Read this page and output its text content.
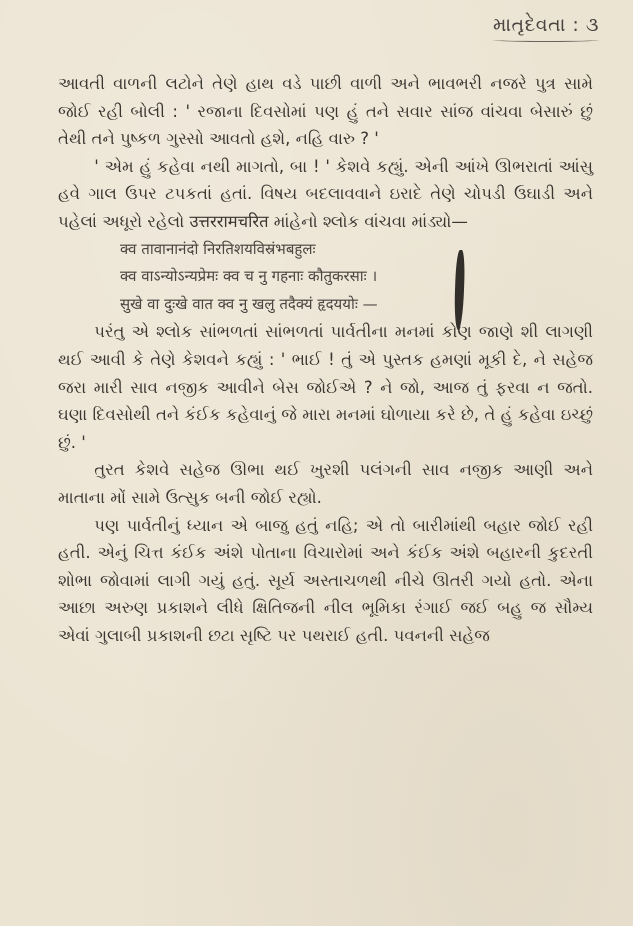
માતૃદેવતા : ૩

આવતી વાળની લટોને તેણે હાથ વડે પાછી વાળી અને ભાવભરી નજરે પુત્ર સામે જોઈ રહી બોલી : ' રજાના દિવસોમાં પણ હું તને સવાર સાંજ વાંચવા બેસારું છું તેથી તને પુષ્કળ ગુસ્સો આવતો હશે, નહિ વારુ ? '

' એમ હું કહેવા નથી માગતો, બા ! ' કેશવે કહ્યું. એની આંખે ઊભરાતાં આંસુ હવે ગાલ ઉપર ટપકતાં હતાં. વિષય બદલાવવાને ઇરાદે તેણે ચોપડી ઉઘાડી અને પહેલાં અધૂરો રહેલો उत्तररामचरित માંહેનો શ્લોક વાંચવા માંડ્યો—

क्व तावानानंदो निरतिशयविस्रंभबहुलः

क्व वाऽन्योऽन्यप्रेमः क्व च नु गहनाः कौतुकरसाः ।

सुखे वा दुःखे वात क्व नु खलु तदैक्यं हृदययोः —

પરંતુ એ શ્લોક સાંભળતાં સાંભળતાં પાર્વતીના મનમાં કોણ જાણે શી લાગણી થઈ આવી કે તેણે કેશવને કહ્યું : ' ભાઈ ! તું એ પુસ્તક હમણાં મૂકી દે, ને સહેજ જરા મારી સાવ નજીક આવીને બેસ જોઈએ ? ને જો, આજ તું ફરવા ન જતો. ઘણા દિવસોથી તને કંઈક કહેવાનું જે મારા મનમાં ઘોળાયા કરે છે, તે હું કહેવા ઇચ્છું છું. '

તુરત કેશવે સહેજ ઊભા થઈ ખુરશી પલંગની સાવ નજીક આણી અને માતાના મોં સામે ઉત્સુક બની જોઈ રહ્યો.

પણ પાર્વતીનું ધ્યાન એ બાજુ હતું નહિ; એ તો બારીમાંથી બહાર જોઈ રહી હતી. એનું ચિત્ત કંઈક અંશે પોતાના વિચારોમાં અને કંઈક અંશે બહારની કુદરતી શોભા જોવામાં લાગી ગયું હતું. સૂર્ય અસ્તાચળથી નીચે ઊતરી ગયો હતો. એના આછા અરુણ પ્રકાશને લીધે ક્ષિતિજની નીલ ભૂમિકા રંગાઈ જઈ બહુ જ સૌમ્ય એવાં ગુલાબી પ્રકાશની છટા સૃષ્ટિ પર પથરાઈ હતી. પવનની સહેજ
